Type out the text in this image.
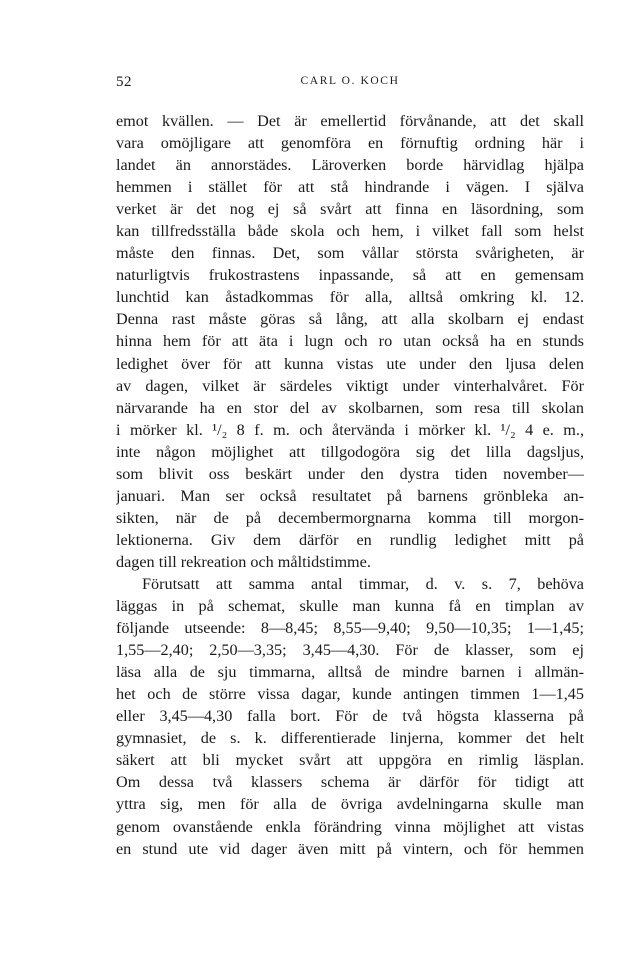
52	CARL O. KOCH
emot kvällen. — Det är emellertid förvånande, att det skall
vara omöjligare att genomföra en förnuftig ordning här i
landet än annorstädes. Läroverken borde härvidlag hjälpa
hemmen i stället för att stå hindrande i vägen. I själva
verket är det nog ej så svårt att finna en läsordning, som
kan tillfredsställa både skola och hem, i vilket fall som helst
måste den finnas. Det, som vållar största svårigheten, är
naturligtvis frukostrastens inpassande, så att en gemensam
lunchtid kan åstadkommas för alla, alltså omkring kl. 12.
Denna rast måste göras så lång, att alla skolbarn ej endast
hinna hem för att äta i lugn och ro utan också ha en stunds
ledighet över för att kunna vistas ute under den ljusa delen
av dagen, vilket är särdeles viktigt under vinterhalvåret. För
närvarande ha en stor del av skolbarnen, som resa till skolan
i mörker kl. ¹/₂ 8 f. m. och återvända i mörker kl. ¹/₂ 4 e. m.,
inte någon möjlighet att tillgodogöra sig det lilla dagsljus,
som blivit oss beskärt under den dystra tiden november—
januari. Man ser också resultatet på barnens grönbleka an-
sikten, när de på decembermorgnarna komma till morgon-
lektionerna. Giv dem därför en rundlig ledighet mitt på
dagen till rekreation och måltidstimme.
Förutsatt att samma antal timmar, d. v. s. 7, behöva
läggas in på schemat, skulle man kunna få en timplan av
följande utseende: 8—8,45; 8,55—9,40; 9,50—10,35; 1—1,45;
1,55—2,40; 2,50—3,35; 3,45—4,30. För de klasser, som ej
läsa alla de sju timmarna, alltså de mindre barnen i allmän-
het och de större vissa dagar, kunde antingen timmen 1—1,45
eller 3,45—4,30 falla bort. För de två högsta klasserna på
gymnasiet, de s. k. differentierade linjerna, kommer det helt
säkert att bli mycket svårt att uppgöra en rimlig läsplan.
Om dessa två klassers schema är därför för tidigt att
yttra sig, men för alla de övriga avdelningarna skulle man
genom ovanstående enkla förändring vinna möjlighet att vistas
en stund ute vid dager även mitt på vintern, och för hemmen
